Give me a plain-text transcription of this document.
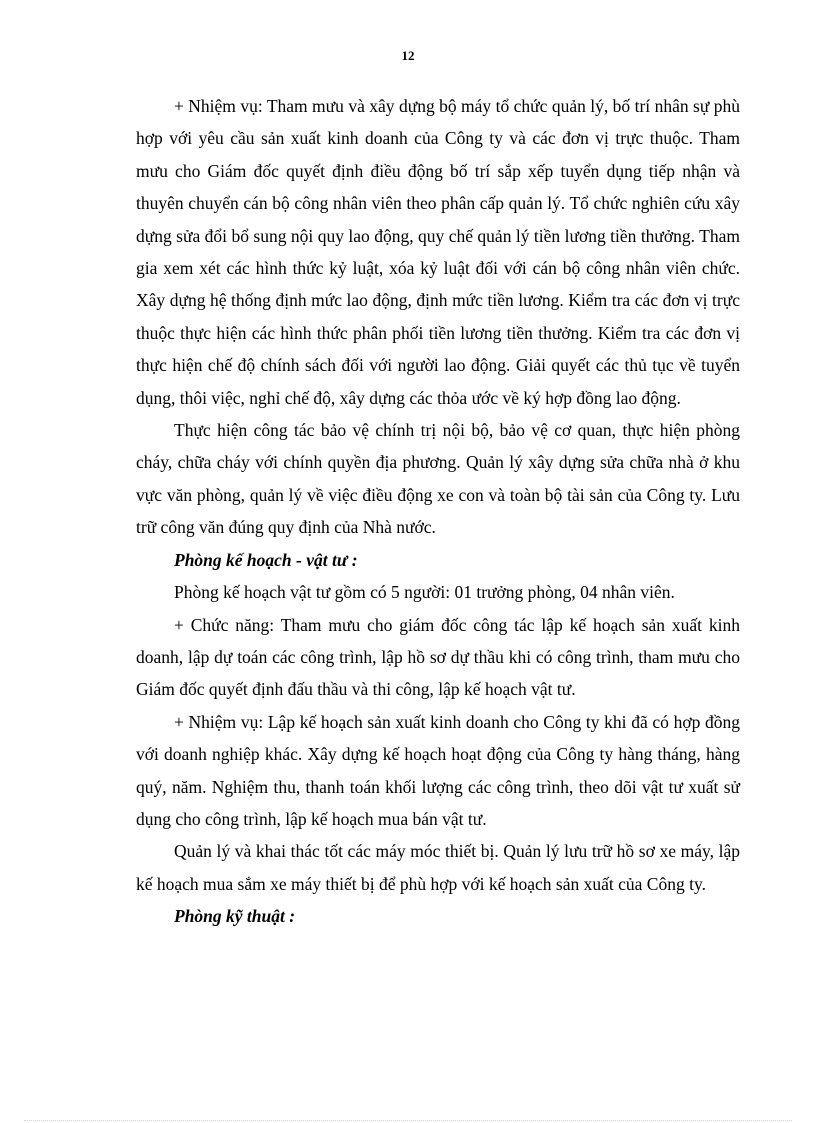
12

+ Nhiệm vụ: Tham mưu và xây dựng bộ máy tổ chức quản lý, bố trí nhân sự phù hợp với yêu cầu sản xuất kinh doanh của Công ty và các đơn vị trực thuộc. Tham mưu cho Giám đốc quyết định điều động bố trí sắp xếp tuyển dụng tiếp nhận và thuyên chuyển cán bộ công nhân viên theo phân cấp quản lý. Tổ chức nghiên cứu xây dựng sửa đổi bổ sung nội quy lao động, quy chế quản lý tiền lương tiền thưởng. Tham gia xem xét các hình thức kỷ luật, xóa kỷ luật đối với cán bộ công nhân viên chức. Xây dựng hệ thống định mức lao động, định mức tiền lương. Kiểm tra các đơn vị trực thuộc thực hiện các hình thức phân phối tiền lương tiền thưởng. Kiểm tra các đơn vị thực hiện chế độ chính sách đối với người lao động. Giải quyết các thủ tục về tuyển dụng, thôi việc, nghỉ chế độ, xây dựng các thỏa ước về ký hợp đồng lao động.

Thực hiện công tác bảo vệ chính trị nội bộ, bảo vệ cơ quan, thực hiện phòng cháy, chữa cháy với chính quyền địa phương. Quản lý xây dựng sửa chữa nhà ở khu vực văn phòng, quản lý về việc điều động xe con và toàn bộ tài sản của Công ty. Lưu trữ công văn đúng quy định của Nhà nước.

Phòng kế hoạch - vật tư :

Phòng kế hoạch vật tư gồm có 5 người: 01 trưởng phòng, 04 nhân viên.

+ Chức năng: Tham mưu cho giám đốc công tác lập kế hoạch sản xuất kinh doanh, lập dự toán các công trình, lập hồ sơ dự thầu khi có công trình, tham mưu cho Giám đốc quyết định đấu thầu và thi công, lập kế hoạch vật tư.

+ Nhiệm vụ: Lập kế hoạch sản xuất kinh doanh cho Công ty khi đã có hợp đồng với doanh nghiệp khác. Xây dựng kế hoạch hoạt động của Công ty hàng tháng, hàng quý, năm. Nghiệm thu, thanh toán khối lượng các công trình, theo dõi vật tư xuất sử dụng cho công trình, lập kế hoạch mua bán vật tư.

Quản lý và khai thác tốt các máy móc thiết bị. Quản lý lưu trữ hồ sơ xe máy, lập kế hoạch mua sắm xe máy thiết bị để phù hợp với kế hoạch sản xuất của Công ty.

Phòng kỹ thuật :
